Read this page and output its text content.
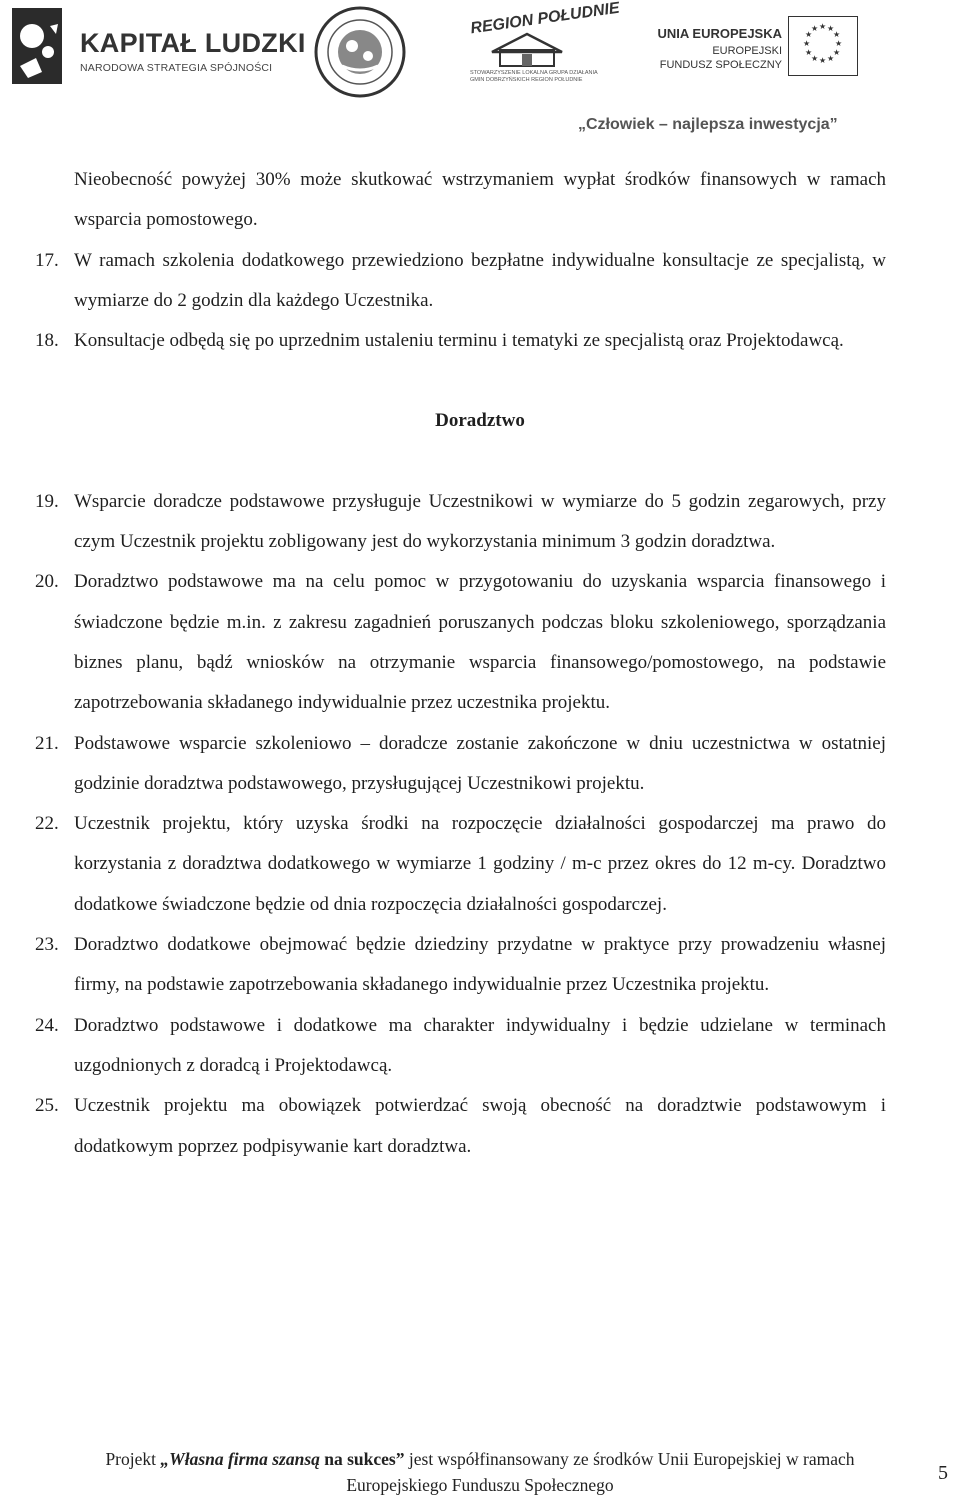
KAPITAŁ LUDZKI
NARODOWA STRATEGIA SPÓJNOŚCI
REGION POŁUDNIE
STOWARZYSZENIE LOKALNA GRUPA DZIAŁANIA
GMIN DOBRZYŃSKICH REGION POŁUDNIE
UNIA EUROPEJSKA
EUROPEJSKI
FUNDUSZ SPOŁECZNY
★ ★
★
★
★
★
★
★
★
★
★
★
„Człowiek – najlepsza inwestycja”

Nieobecność powyżej 30% może skutkować wstrzymaniem wypłat środków finansowych w ramach wsparcia pomostowego.

17. W ramach szkolenia dodatkowego przewiedziono bezpłatne indywidualne konsultacje ze specjalistą, w wymiarze do 2 godzin dla każdego Uczestnika.

18. Konsultacje odbędą się po uprzednim ustaleniu terminu i tematyki ze specjalistą oraz Projektodawcą.

Doradztwo

19. Wsparcie doradcze podstawowe przysługuje Uczestnikowi w wymiarze do 5 godzin zegarowych, przy czym Uczestnik projektu zobligowany jest do wykorzystania minimum 3 godzin doradztwa.

20. Doradztwo podstawowe ma na celu pomoc w przygotowaniu do uzyskania wsparcia finansowego i świadczone będzie m.in. z zakresu zagadnień poruszanych podczas bloku szkoleniowego, sporządzania biznes planu, bądź wniosków na otrzymanie wsparcia finansowego/pomostowego, na podstawie zapotrzebowania składanego indywidualnie przez uczestnika projektu.

21. Podstawowe wsparcie szkoleniowo – doradcze zostanie zakończone w dniu uczestnictwa w ostatniej godzinie doradztwa podstawowego, przysługującej Uczestnikowi projektu.

22. Uczestnik projektu, który uzyska środki na rozpoczęcie działalności gospodarczej ma prawo do korzystania z doradztwa dodatkowego w wymiarze 1 godziny / m-c przez okres do 12 m-cy. Doradztwo dodatkowe świadczone będzie od dnia rozpoczęcia działalności gospodarczej.

23. Doradztwo dodatkowe obejmować będzie dziedziny przydatne w praktyce przy prowadzeniu własnej firmy, na podstawie zapotrzebowania składanego indywidualnie przez Uczestnika projektu.

24. Doradztwo podstawowe i dodatkowe ma charakter indywidualny i będzie udzielane w terminach uzgodnionych z doradcą i Projektodawcą.

25. Uczestnik projektu ma obowiązek potwierdzać swoją obecność na doradztwie podstawowym i dodatkowym poprzez podpisywanie kart doradztwa.

Projekt „Własna firma szansą na sukces” jest współfinansowany ze środków Unii Europejskiej w ramach
Europejskiego Funduszu Społecznego
5
